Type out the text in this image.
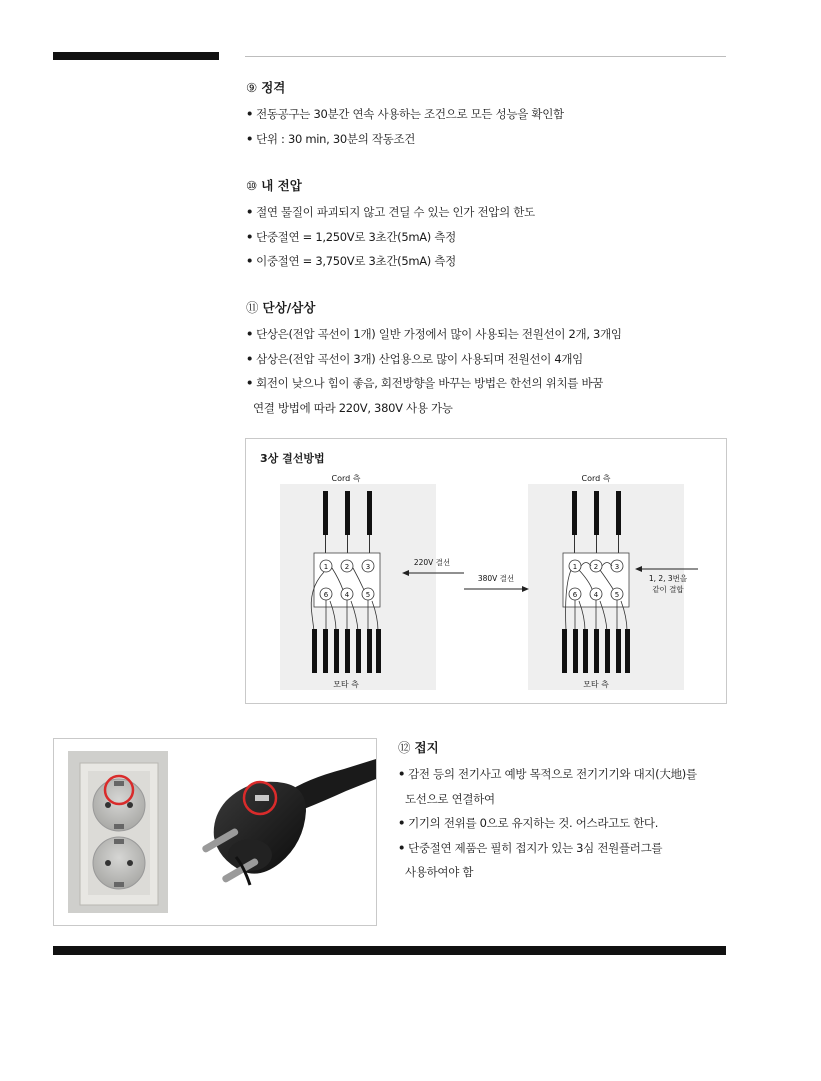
⑨ 정격

• 전동공구는 30분간 연속 사용하는 조건으로 모든 성능을 확인함
• 단위 : 30 min, 30분의 작동조건

⑩ 내 전압

• 절연 물질이 파괴되지 않고 견딜 수 있는 인가 전압의 한도
• 단중절연 = 1,250V로 3초간(5mA) 측정
• 이중절연 = 3,750V로 3초간(5mA) 측정

⑪ 단상/삼상

• 단상은(전압 곡선이 1개) 일반 가정에서 많이 사용되는 전원선이 2개, 3개임
• 삼상은(전압 곡선이 3개) 산업용으로 많이 사용되며 전원선이 4개임
• 회전이 낮으나 힘이 좋음, 회전방향을 바꾸는 방법은 한선의 위치를 바꿈
연결 방법에 따라 220V, 380V 사용 가능

3상 결선방법

Cord 측
1 2 3
6 4 5
모타 측
220V 결선
380V 결선
Cord 측
1 2 3
6 4 5
모타 측
1, 2, 3번을
같이 결합

⑫ 접지

• 감전 등의 전기사고 예방 목적으로 전기기기와 대지(大地)를
도선으로 연결하여
• 기기의 전위를 0으로 유지하는 것. 어스라고도 한다.
• 단중절연 제품은 필히 접지가 있는 3심 전원플러그를
사용하여야 함
